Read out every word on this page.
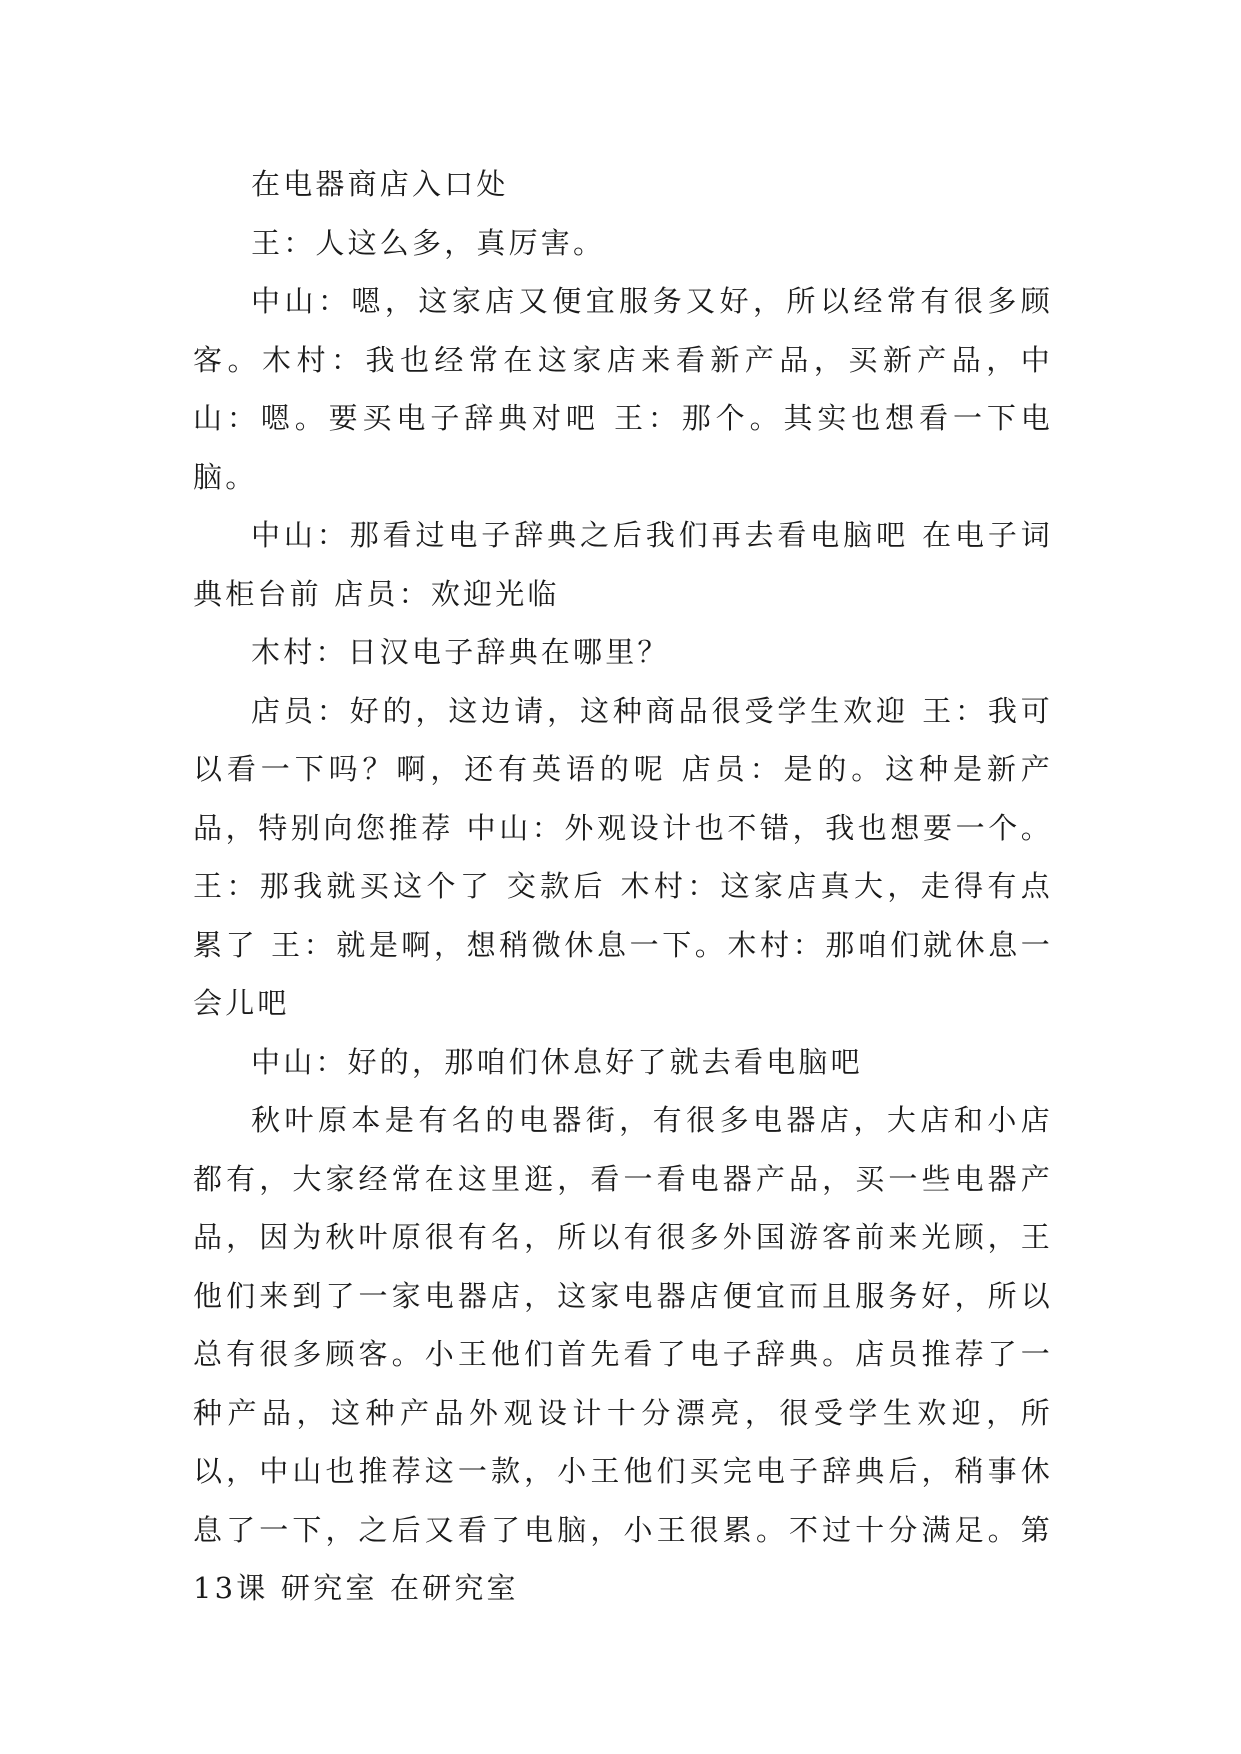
在电器商店入口处

王：人这么多，真厉害。

中山：嗯，这家店又便宜服务又好，所以经常有很多顾客。木村：我也经常在这家店来看新产品，买新产品，中山：嗯。要买电子辞典对吧 王：那个。其实也想看一下电脑。

中山：那看过电子辞典之后我们再去看电脑吧 在电子词典柜台前 店员：欢迎光临

木村：日汉电子辞典在哪里？

店员：好的，这边请，这种商品很受学生欢迎 王：我可以看一下吗？啊，还有英语的呢 店员：是的。这种是新产品，特别向您推荐 中山：外观设计也不错，我也想要一个。王：那我就买这个了 交款后 木村：这家店真大，走得有点累了 王：就是啊，想稍微休息一下。木村：那咱们就休息一会儿吧

中山：好的，那咱们休息好了就去看电脑吧

秋叶原本是有名的电器街，有很多电器店，大店和小店都有，大家经常在这里逛，看一看电器产品，买一些电器产品，因为秋叶原很有名，所以有很多外国游客前来光顾，王他们来到了一家电器店，这家电器店便宜而且服务好，所以总有很多顾客。小王他们首先看了电子辞典。店员推荐了一种产品，这种产品外观设计十分漂亮，很受学生欢迎，所以，中山也推荐这一款，小王他们买完电子辞典后，稍事休息了一下，之后又看了电脑，小王很累。不过十分满足。第13课 研究室 在研究室
